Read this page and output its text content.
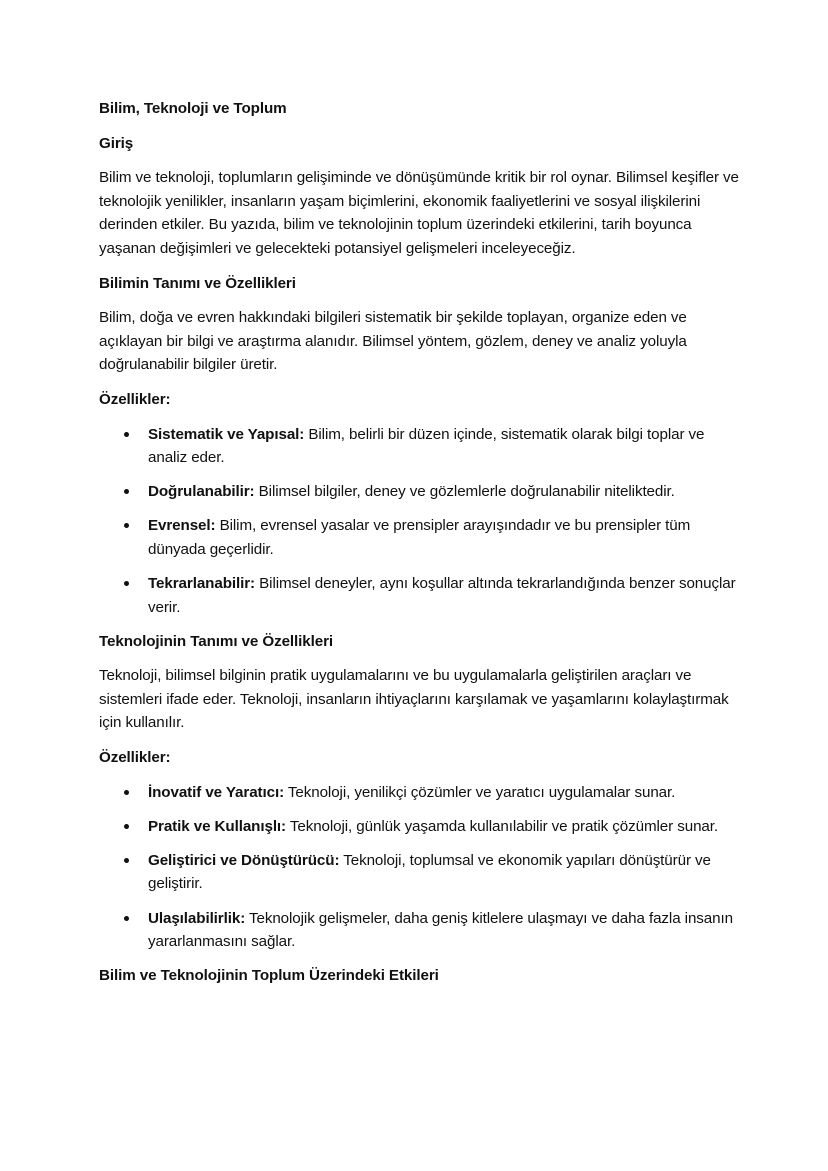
Bilim, Teknoloji ve Toplum

Giriş

Bilim ve teknoloji, toplumların gelişiminde ve dönüşümünde kritik bir rol oynar. Bilimsel keşifler ve teknolojik yenilikler, insanların yaşam biçimlerini, ekonomik faaliyetlerini ve sosyal ilişkilerini derinden etkiler. Bu yazıda, bilim ve teknolojinin toplum üzerindeki etkilerini, tarih boyunca yaşanan değişimleri ve gelecekteki potansiyel gelişmeleri inceleyeceğiz.

Bilimin Tanımı ve Özellikleri

Bilim, doğa ve evren hakkındaki bilgileri sistematik bir şekilde toplayan, organize eden ve açıklayan bir bilgi ve araştırma alanıdır. Bilimsel yöntem, gözlem, deney ve analiz yoluyla doğrulanabilir bilgiler üretir.

Özellikler:

Sistematik ve Yapısal: Bilim, belirli bir düzen içinde, sistematik olarak bilgi toplar ve analiz eder.
Doğrulanabilir: Bilimsel bilgiler, deney ve gözlemlerle doğrulanabilir niteliktedir.
Evrensel: Bilim, evrensel yasalar ve prensipler arayışındadır ve bu prensipler tüm dünyada geçerlidir.
Tekrarlanabilir: Bilimsel deneyler, aynı koşullar altında tekrarlandığında benzer sonuçlar verir.

Teknolojinin Tanımı ve Özellikleri

Teknoloji, bilimsel bilginin pratik uygulamalarını ve bu uygulamalarla geliştirilen araçları ve sistemleri ifade eder. Teknoloji, insanların ihtiyaçlarını karşılamak ve yaşamlarını kolaylaştırmak için kullanılır.

Özellikler:

İnovatif ve Yaratıcı: Teknoloji, yenilikçi çözümler ve yaratıcı uygulamalar sunar.
Pratik ve Kullanışlı: Teknoloji, günlük yaşamda kullanılabilir ve pratik çözümler sunar.
Geliştirici ve Dönüştürücü: Teknoloji, toplumsal ve ekonomik yapıları dönüştürür ve geliştirir.
Ulaşılabilirlik: Teknolojik gelişmeler, daha geniş kitlelere ulaşmayı ve daha fazla insanın yararlanmasını sağlar.

Bilim ve Teknolojinin Toplum Üzerindeki Etkileri
